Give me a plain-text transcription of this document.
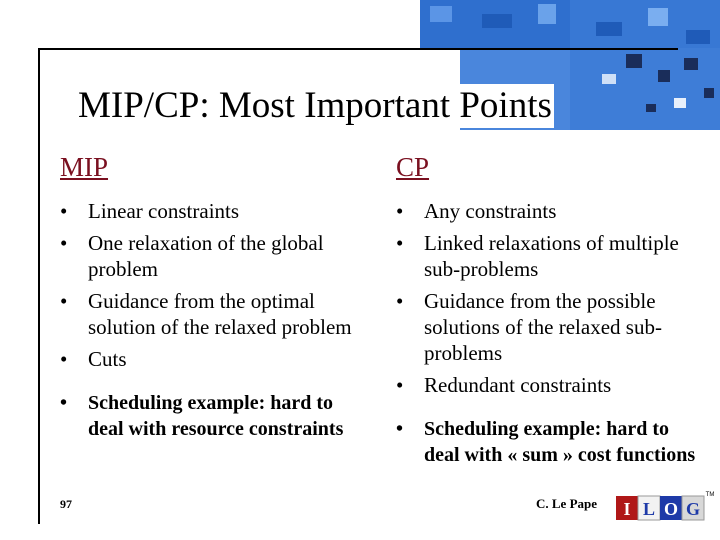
MIP/CP: Most Important Points
MIP
• Linear constraints
• One relaxation of the global problem
• Guidance from the optimal solution of the relaxed problem
• Cuts
• Scheduling example: hard to deal with resource constraints
CP
• Any constraints
• Linked relaxations of multiple sub-problems
• Guidance from the possible solutions of the relaxed sub-problems
• Redundant constraints
• Scheduling example: hard to deal with « sum » cost functions
97	C. Le Pape I L O G
TM
